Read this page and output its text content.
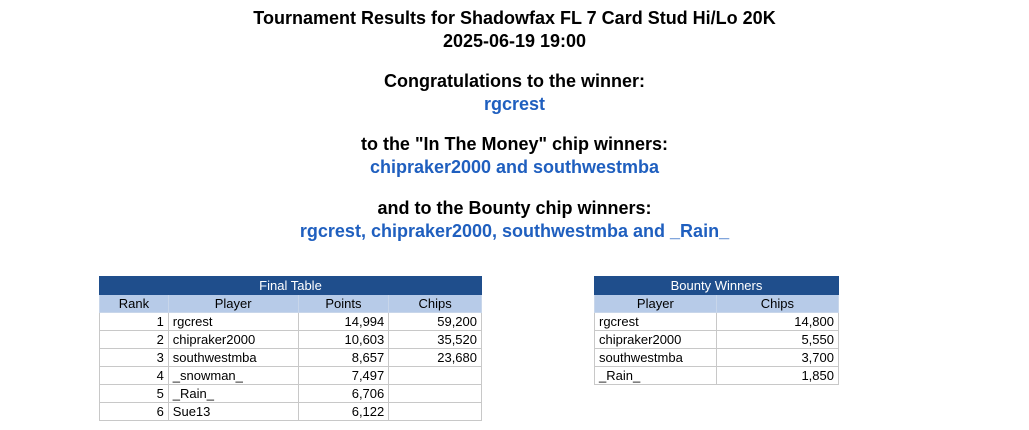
Tournament Results for Shadowfax FL 7 Card Stud Hi/Lo 20K
2025-06-19 19:00
Congratulations to the winner:
rgcrest
to the "In The Money" chip winners:
chipraker2000 and southwestmba
and to the Bounty chip winners:
rgcrest, chipraker2000, southwestmba and _Rain_
Final Table			
Rank	Player	Points	Chips
1	rgcrest	14,994	59,200
2	chipraker2000	10,603	35,520
3	southwestmba	8,657	23,680
4	_snowman_	7,497	
5	_Rain_	6,706	
6	Sue13	6,122	
Bounty Winners	
Player	Chips
rgcrest	14,800
chipraker2000	5,550
southwestmba	3,700
_Rain_	1,850
